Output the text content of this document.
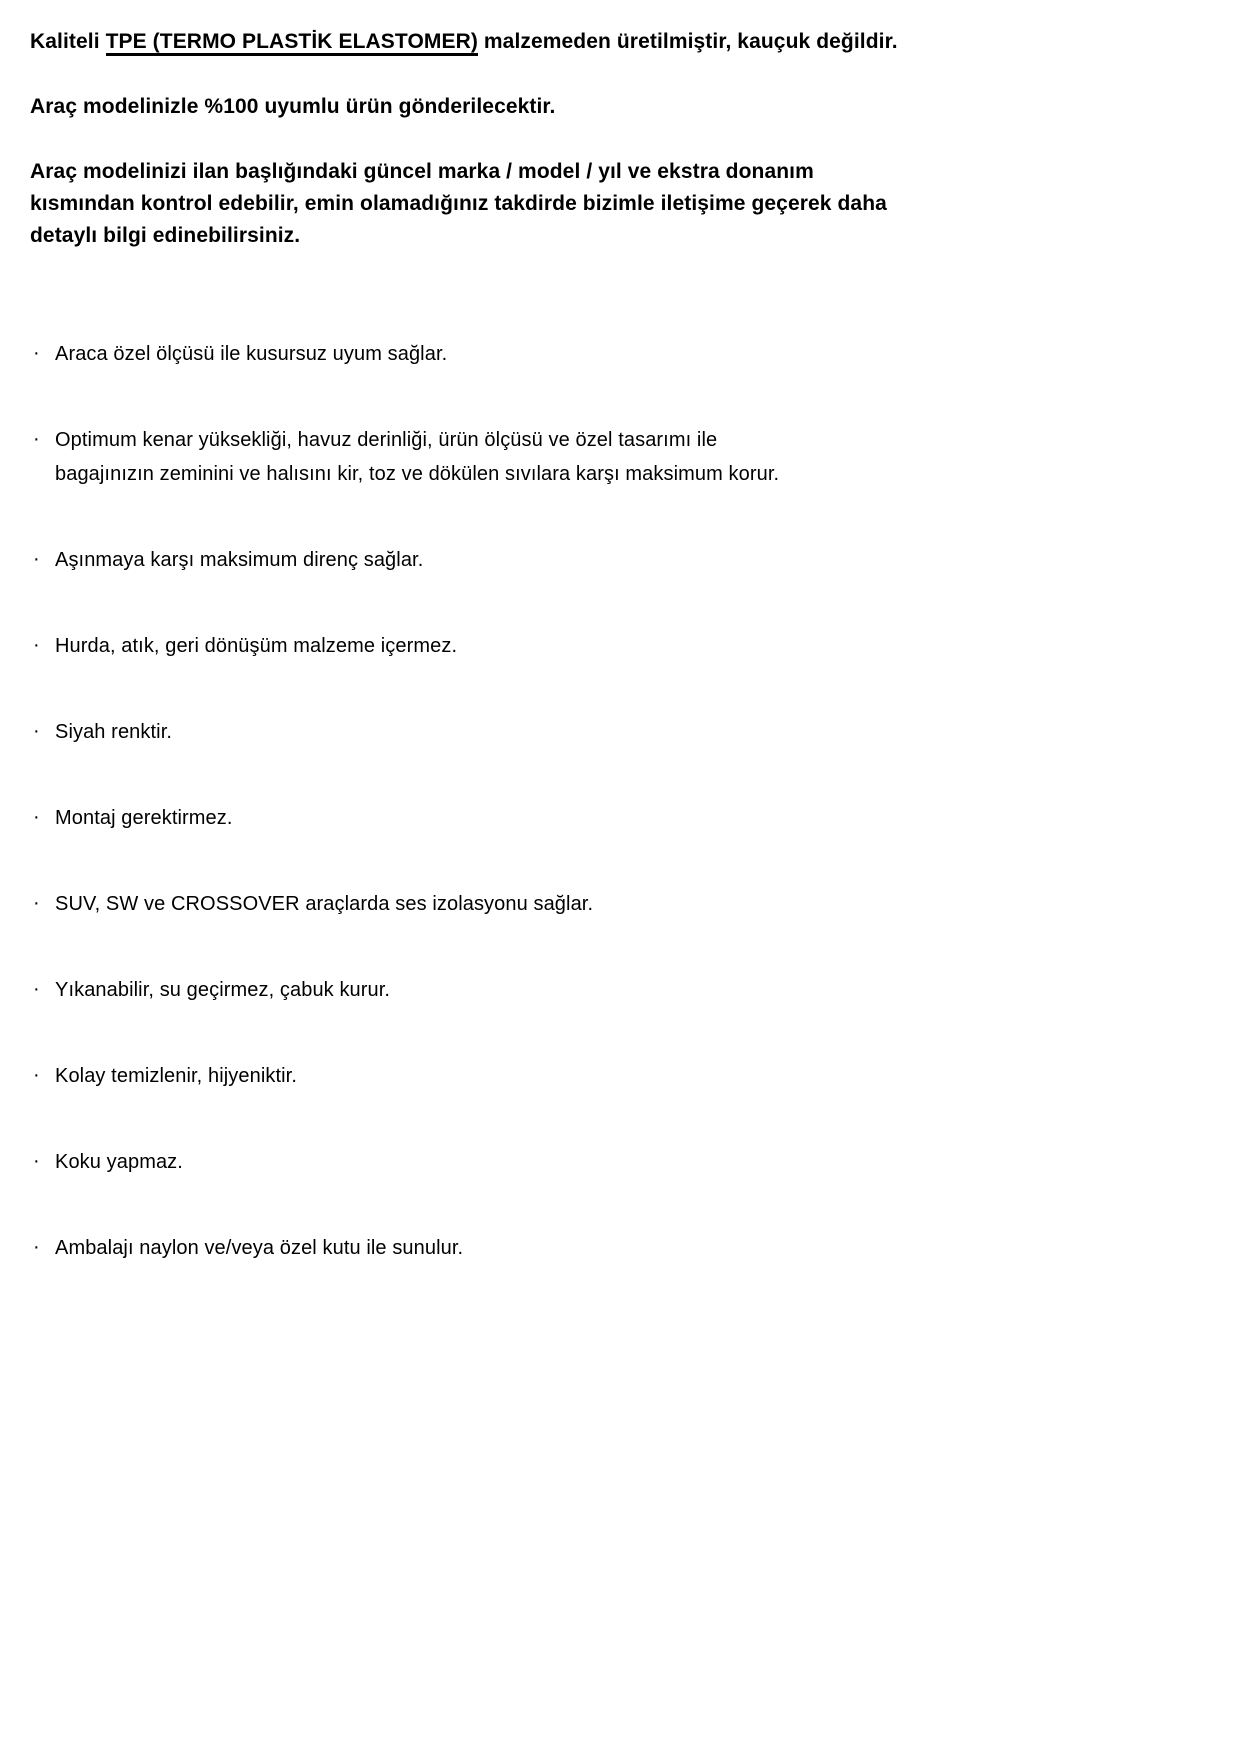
Kaliteli TPE (TERMO PLASTİK ELASTOMER) malzemeden üretilmiştir, kauçuk değildir.

Araç modelinizle %100 uyumlu ürün gönderilecektir.

Araç modelinizi ilan başlığındaki güncel marka / model / yıl ve ekstra donanım
kısmından kontrol edebilir, emin olamadığınız takdirde bizimle iletişime geçerek daha
detaylı bilgi edinebilirsiniz.

· Araca özel ölçüsü ile kusursuz uyum sağlar.
· Optimum kenar yüksekliği, havuz derinliği, ürün ölçüsü ve özel tasarımı ile
bagajınızın zeminini ve halısını kir, toz ve dökülen sıvılara karşı maksimum korur.
· Aşınmaya karşı maksimum direnç sağlar.
· Hurda, atık, geri dönüşüm malzeme içermez.
· Siyah renktir.
· Montaj gerektirmez.
· SUV, SW ve CROSSOVER araçlarda ses izolasyonu sağlar.
· Yıkanabilir, su geçirmez, çabuk kurur.
· Kolay temizlenir, hijyeniktir.
· Koku yapmaz.
· Ambalajı naylon ve/veya özel kutu ile sunulur.
